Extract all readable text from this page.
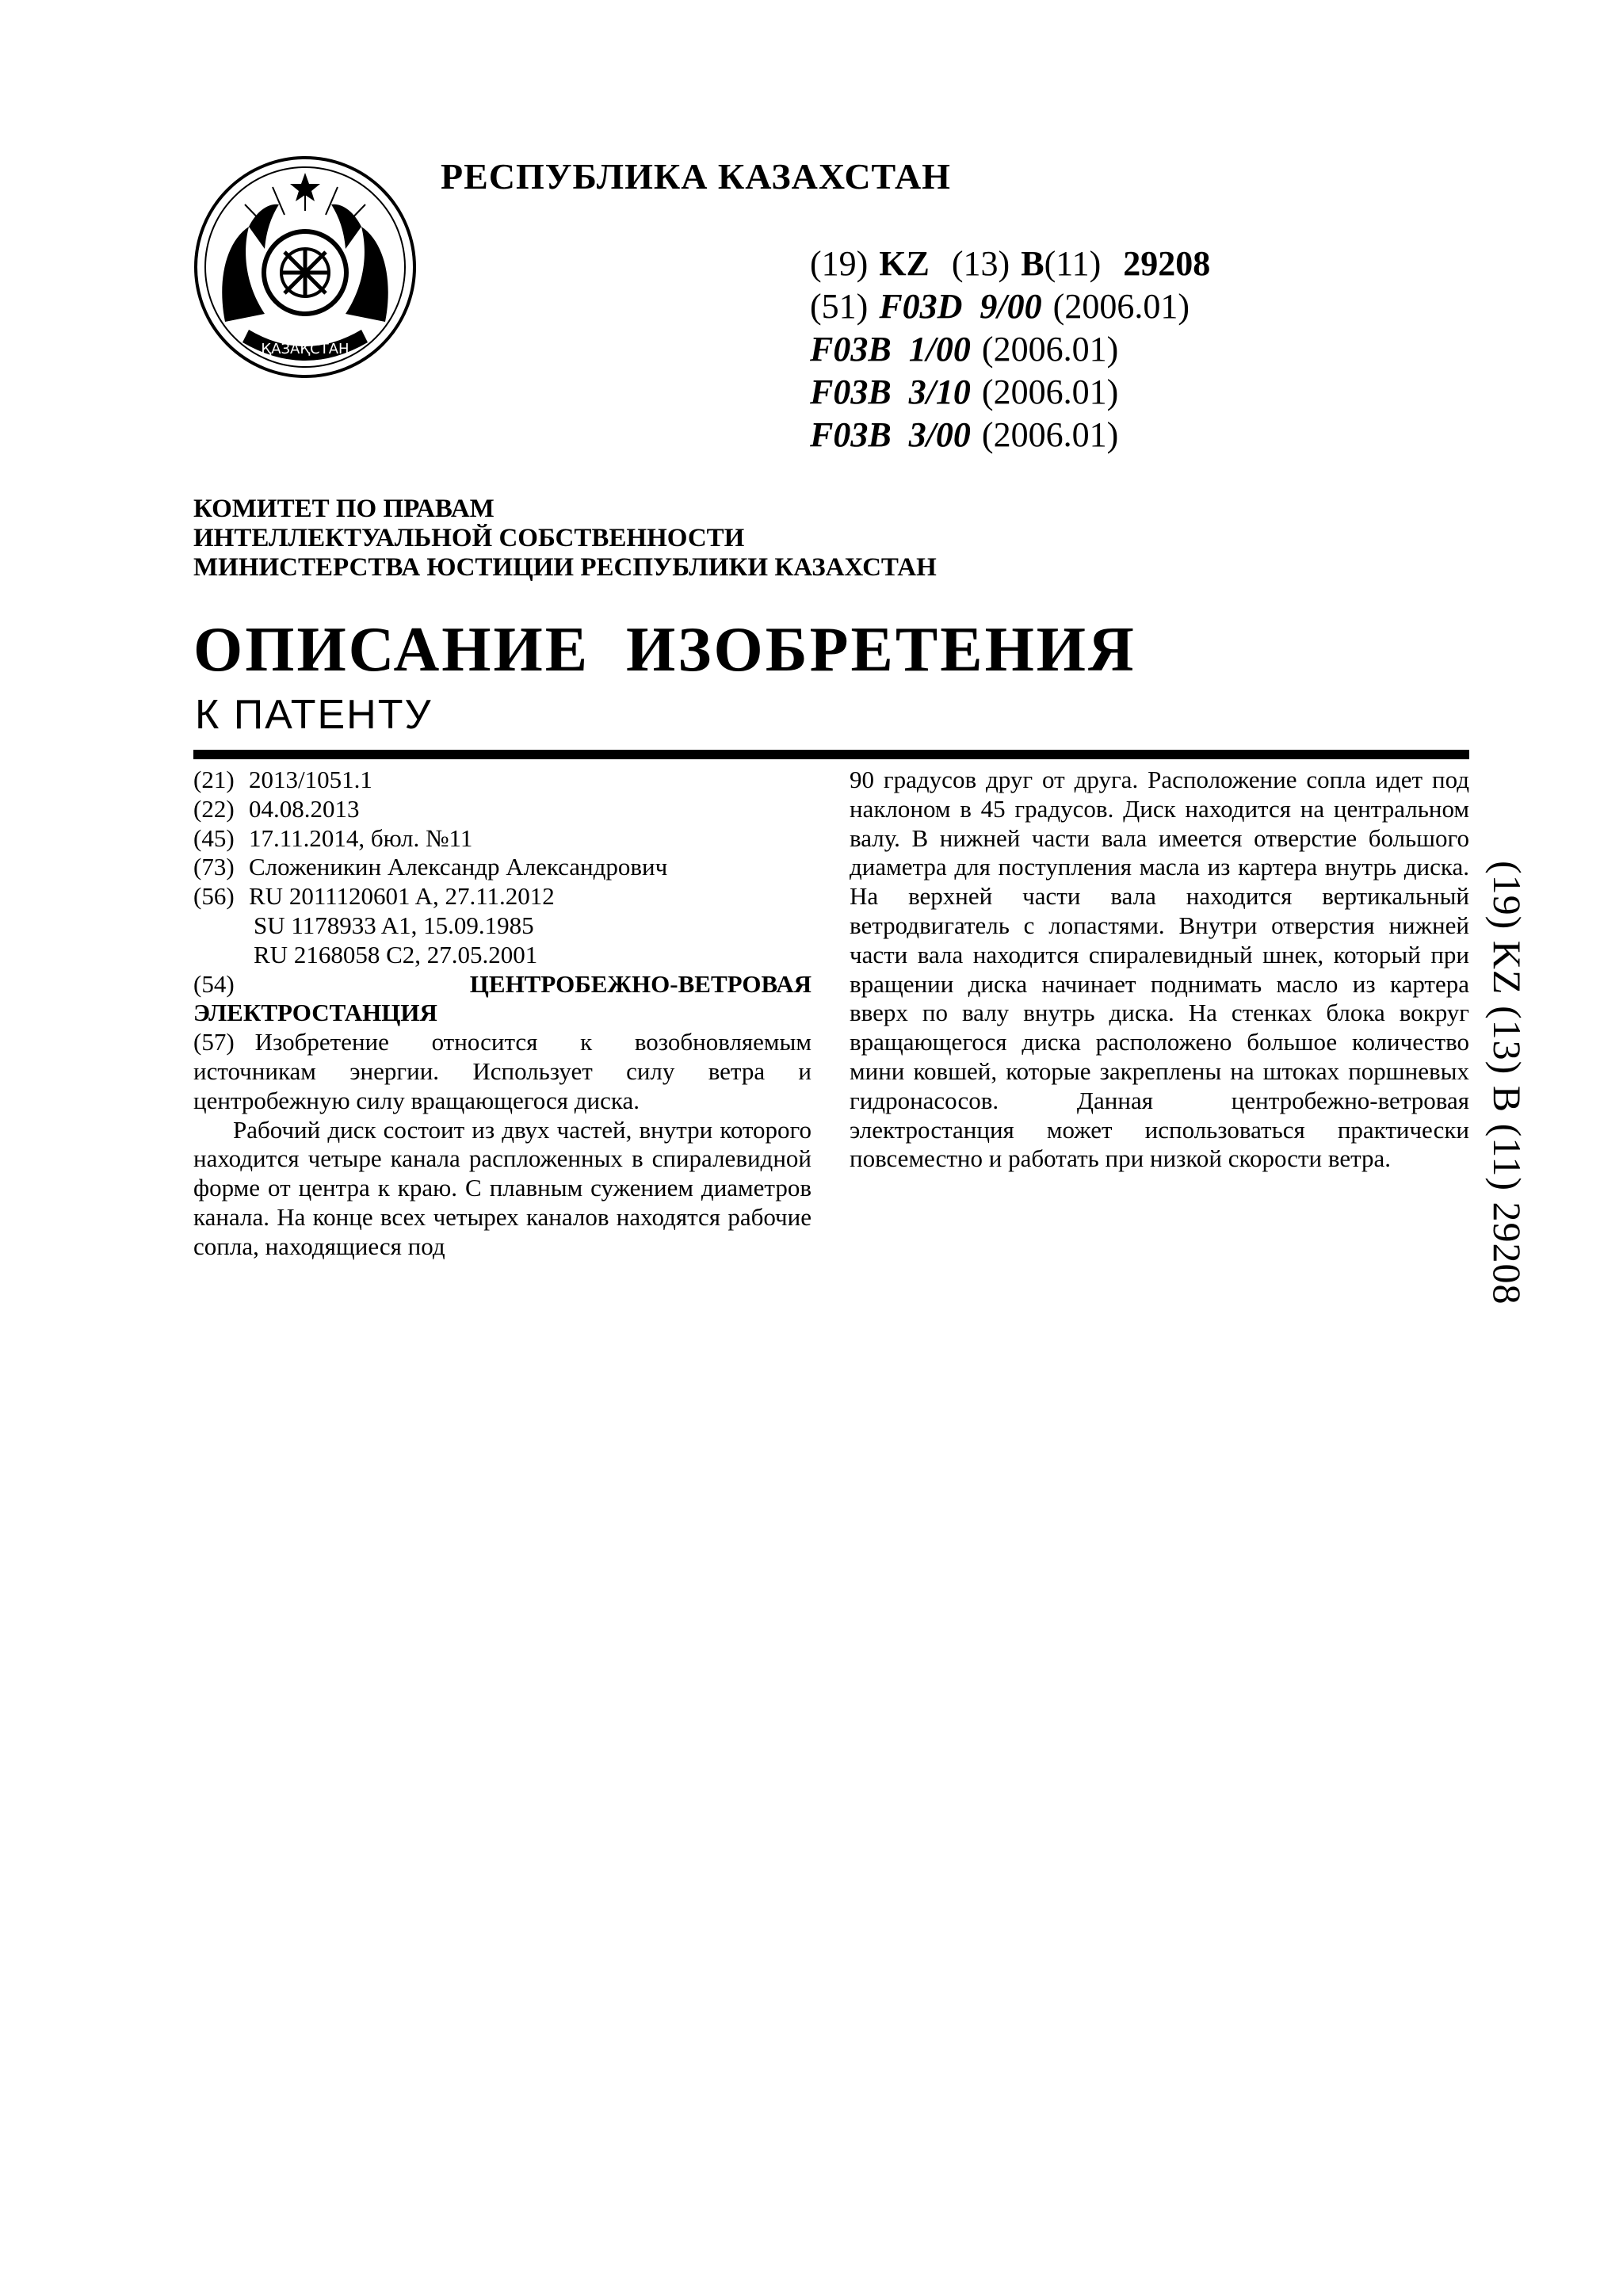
ҚАЗАҚСТАН
РЕСПУБЛИКА КАЗАХСТАН
(19) KZ (13) B(11) 29208
(51) F03D  9/00 (2006.01)
F03B  1/00 (2006.01)
F03B  3/10 (2006.01)
F03B  3/00 (2006.01)
КОМИТЕТ ПО ПРАВАМ
ИНТЕЛЛЕКТУАЛЬНОЙ СОБСТВЕННОСТИ
МИНИСТЕРСТВА ЮСТИЦИИ РЕСПУБЛИКИ КАЗАХСТАН
ОПИСАНИЕ  ИЗОБРЕТЕНИЯ
К ПАТЕНТУ
(21) 2013/1051.1
(22) 04.08.2013
(45) 17.11.2014, бюл. №11
(73) Сложеникин Александр Александрович
(56) RU 2011120601 A, 27.11.2012
SU 1178933 A1, 15.09.1985
RU 2168058 C2, 27.05.2001
(54)	ЦЕНТРОБЕЖНО-ВЕТРОВАЯ
ЭЛЕКТРОСТАНЦИЯ
(57) Изобретение относится к возобновляемым источникам энергии. Использует силу ветра и центробежную силу вращающегося диска.
Рабочий диск состоит из двух частей, внутри которого находится четыре канала распложенных в спиралевидной форме от центра к краю. С плавным сужением диаметров канала. На конце всех четырех каналов находятся рабочие сопла, находящиеся под
90 градусов друг от друга. Расположение сопла идет под наклоном в 45 градусов. Диск находится на центральном валу. В нижней части вала имеется отверстие большого диаметра для поступления масла из картера внутрь диска. На верхней части вала находится вертикальный ветродвигатель с лопастями. Внутри отверстия нижней части вала находится спиралевидный шнек, который при вращении диска начинает поднимать масло из картера вверх по валу внутрь диска. На стенках блока вокруг вращающегося диска расположено большое количество мини ковшей, которые закреплены на штоках поршневых гидронасосов. Данная центробежно-ветровая электростанция может использоваться практически повсеместно и работать при низкой скорости ветра.	(19) KZ (13) B (11) 29208
